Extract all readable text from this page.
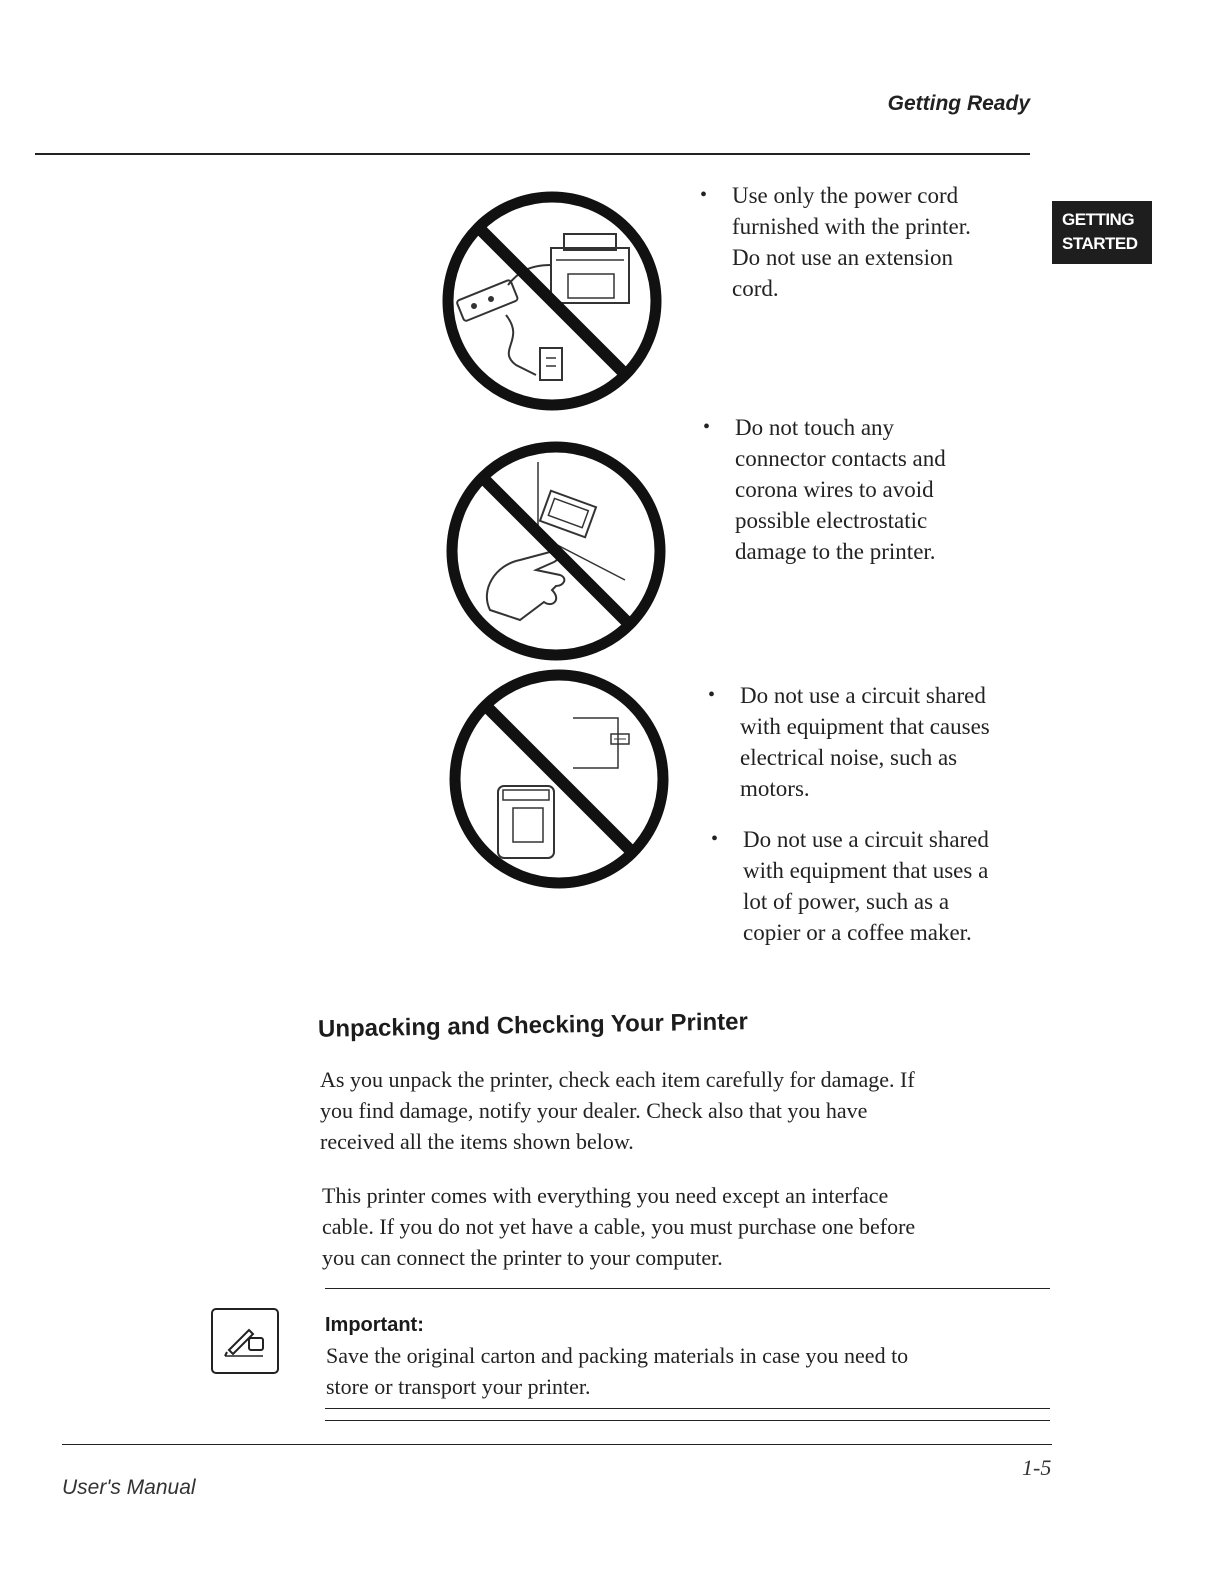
Getting Ready
GETTING
STARTED
• Use only the power cord
furnished with the printer.
Do not use an extension
cord.
• Do not touch any
connector contacts and
corona wires to avoid
possible electrostatic
damage to the printer.
• Do not use a circuit shared
with equipment that causes
electrical noise, such as
motors.
• Do not use a circuit shared
with equipment that uses a
lot of power, such as a
copier or a coffee maker.
Unpacking and Checking Your Printer
As you unpack the printer, check each item carefully for damage. If
you find damage, notify your dealer. Check also that you have
received all the items shown below.
This printer comes with everything you need except an interface
cable. If you do not yet have a cable, you must purchase one before
you can connect the printer to your computer.
Important:
Save the original carton and packing materials in case you need to
store or transport your printer.
User's Manual
1-5
